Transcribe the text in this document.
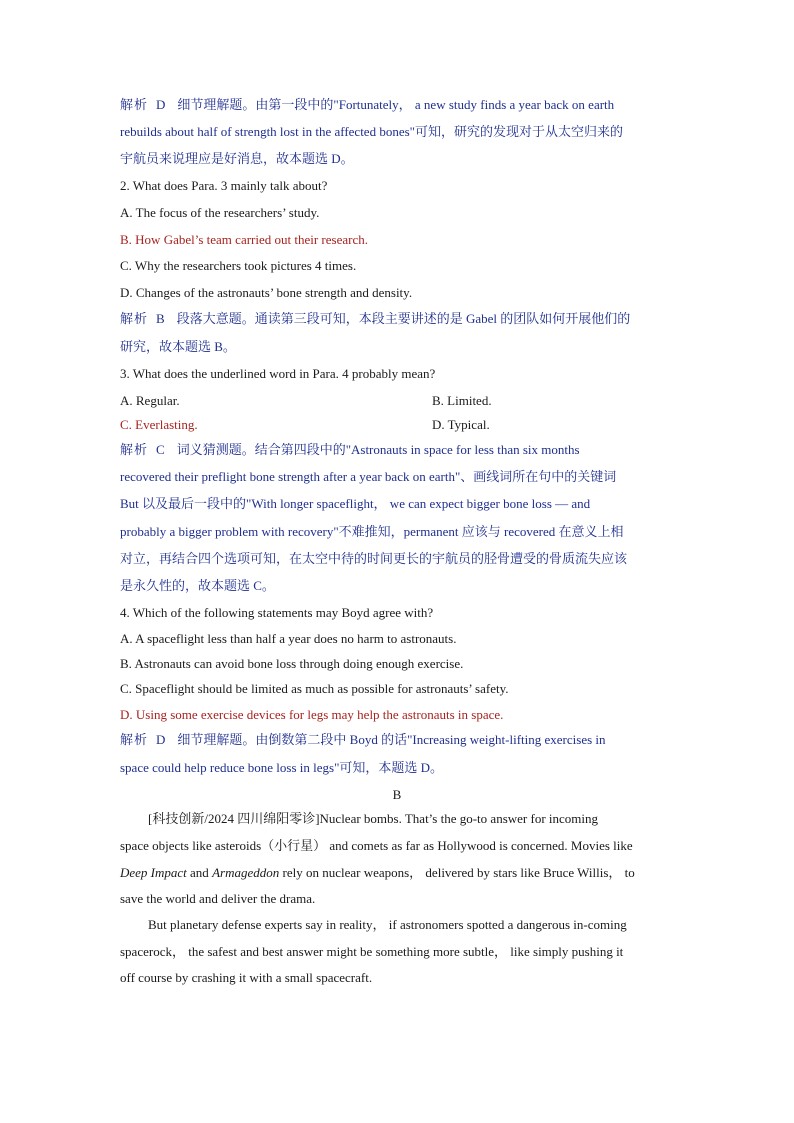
解析 D 细节理解题。由第一段中的"Fortunately， a new study finds a year back on earth
rebuilds about half of strength lost in the affected bones"可知，研究的发现对于从太空归来的
宇航员来说理应是好消息，故本题选 D。
2. What does Para. 3 mainly talk about?
A. The focus of the researchers’ study.
B. How Gabel’s team carried out their research.
C. Why the researchers took pictures 4 times.
D. Changes of the astronauts’ bone strength and density.
解析 B 段落大意题。通读第三段可知，本段主要讲述的是 Gabel 的团队如何开展他们的
研究，故本题选 B。
3. What does the underlined word in Para. 4 probably mean?
A. Regular.	B. Limited.
C. Everlasting.	D. Typical.
解析 C 词义猜测题。结合第四段中的"Astronauts in space for less than six months
recovered their preflight bone strength after a year back on earth"、画线词所在句中的关键词
But 以及最后一段中的"With longer spaceflight， we can expect bigger bone loss — and
probably a bigger problem with recovery"不难推知，permanent 应该与 recovered 在意义上相
对立，再结合四个选项可知，在太空中待的时间更长的宇航员的胫骨遭受的骨质流失应该
是永久性的，故本题选 C。
4. Which of the following statements may Boyd agree with?
A. A spaceflight less than half a year does no harm to astronauts.
B. Astronauts can avoid bone loss through doing enough exercise.
C. Spaceflight should be limited as much as possible for astronauts’ safety.
D. Using some exercise devices for legs may help the astronauts in space.
解析 D 细节理解题。由倒数第二段中 Boyd 的话"Increasing weight-lifting exercises in
space could help reduce bone loss in legs"可知，本题选 D。
B
[科技创新/2024 四川绵阳零诊]Nuclear bombs. That’s the go-to answer for incoming
space objects like asteroids（小行星） and comets as far as Hollywood is concerned. Movies like
Deep Impact and Armageddon rely on nuclear weapons， delivered by stars like Bruce Willis， to
save the world and deliver the drama.
But planetary defense experts say in reality， if astronomers spotted a dangerous in-coming
spacerock， the safest and best answer might be something more subtle， like simply pushing it
off course by crashing it with a small spacecraft.
